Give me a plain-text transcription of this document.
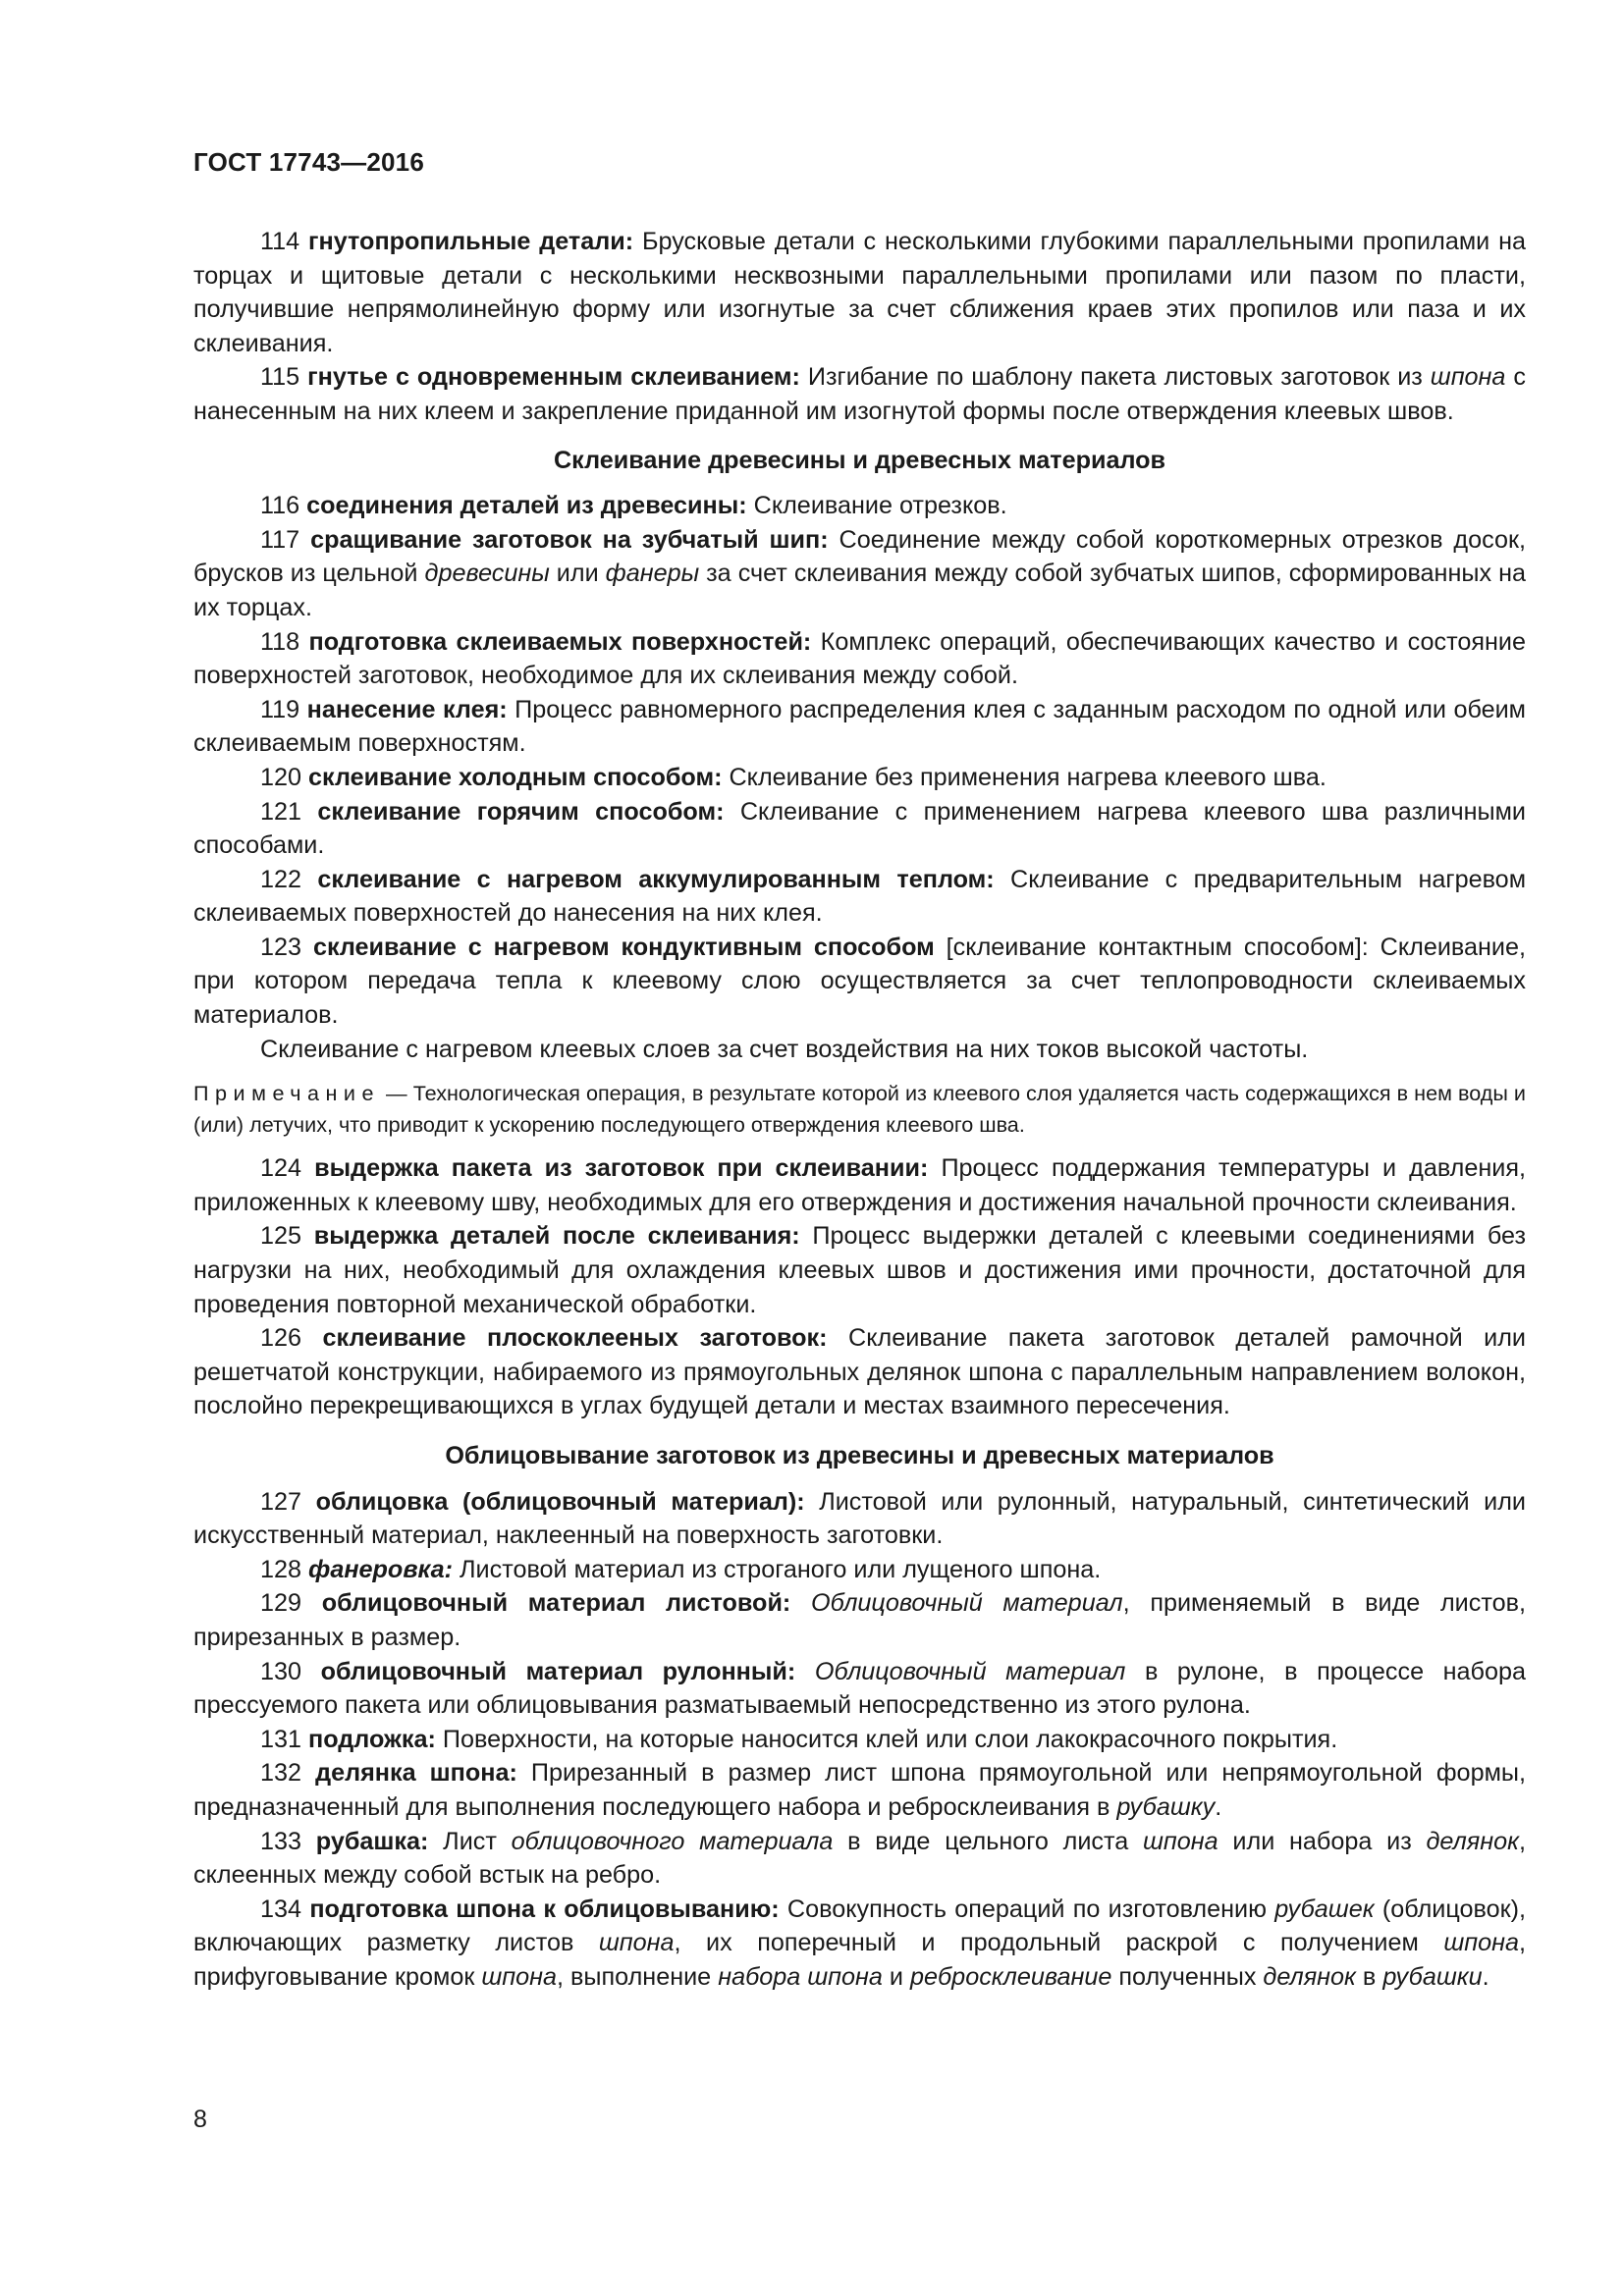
ГОСТ 17743—2016

114 гнутопропильные детали: Брусковые детали с несколькими глубокими параллельными пропилами на торцах и щитовые детали с несколькими несквозными параллельными пропилами или пазом по пласти, получившие непрямолинейную форму или изогнутые за счет сближения краев этих пропилов или паза и их склеивания.

115 гнутье с одновременным склеиванием: Изгибание по шаблону пакета листовых заготовок из шпона с нанесенным на них клеем и закрепление приданной им изогнутой формы после отверждения клеевых швов.

Склеивание древесины и древесных материалов

116 соединения деталей из древесины: Склеивание отрезков.

117 сращивание заготовок на зубчатый шип: Соединение между собой короткомерных отрезков досок, брусков из цельной древесины или фанеры за счет склеивания между собой зубчатых шипов, сформированных на их торцах.

118 подготовка склеиваемых поверхностей: Комплекс операций, обеспечивающих качество и состояние поверхностей заготовок, необходимое для их склеивания между собой.

119 нанесение клея: Процесс равномерного распределения клея с заданным расходом по одной или обеим склеиваемым поверхностям.

120 склеивание холодным способом: Склеивание без применения нагрева клеевого шва.

121 склеивание горячим способом: Склеивание с применением нагрева клеевого шва различными способами.

122 склеивание с нагревом аккумулированным теплом: Склеивание с предварительным нагревом склеиваемых поверхностей до нанесения на них клея.

123 склеивание с нагревом кондуктивным способом [склеивание контактным способом]: Склеивание, при котором передача тепла к клеевому слою осуществляется за счет теплопроводности склеиваемых материалов.

Склеивание с нагревом клеевых слоев за счет воздействия на них токов высокой частоты.

Примечание — Технологическая операция, в результате которой из клеевого слоя удаляется часть содержащихся в нем воды и (или) летучих, что приводит к ускорению последующего отверждения клеевого шва.

124 выдержка пакета из заготовок при склеивании: Процесс поддержания температуры и давления, приложенных к клеевому шву, необходимых для его отверждения и достижения начальной прочности склеивания.

125 выдержка деталей после склеивания: Процесс выдержки деталей с клеевыми соединениями без нагрузки на них, необходимый для охлаждения клеевых швов и достижения ими прочности, достаточной для проведения повторной механической обработки.

126 склеивание плоскоклееных заготовок: Склеивание пакета заготовок деталей рамочной или решетчатой конструкции, набираемого из прямоугольных делянок шпона с параллельным направлением волокон, послойно перекрещивающихся в углах будущей детали и местах взаимного пересечения.

Облицовывание заготовок из древесины и древесных материалов

127 облицовка (облицовочный материал): Листовой или рулонный, натуральный, синтетический или искусственный материал, наклеенный на поверхность заготовки.

128 фанеровка: Листовой материал из строганого или лущеного шпона.

129 облицовочный материал листовой: Облицовочный материал, применяемый в виде листов, прирезанных в размер.

130 облицовочный материал рулонный: Облицовочный материал в рулоне, в процессе набора прессуемого пакета или облицовывания разматываемый непосредственно из этого рулона.

131 подложка: Поверхности, на которые наносится клей или слои лакокрасочного покрытия.

132 делянка шпона: Прирезанный в размер лист шпона прямоугольной или непрямоугольной формы, предназначенный для выполнения последующего набора и ребросклеивания в рубашку.

133 рубашка: Лист облицовочного материала в виде цельного листа шпона или набора из делянок, склеенных между собой встык на ребро.

134 подготовка шпона к облицовыванию: Совокупность операций по изготовлению рубашек (облицовок), включающих разметку листов шпона, их поперечный и продольный раскрой с получением шпона, прифуговывание кромок шпона, выполнение набора шпона и ребросклеивание полученных делянок в рубашки.

8
